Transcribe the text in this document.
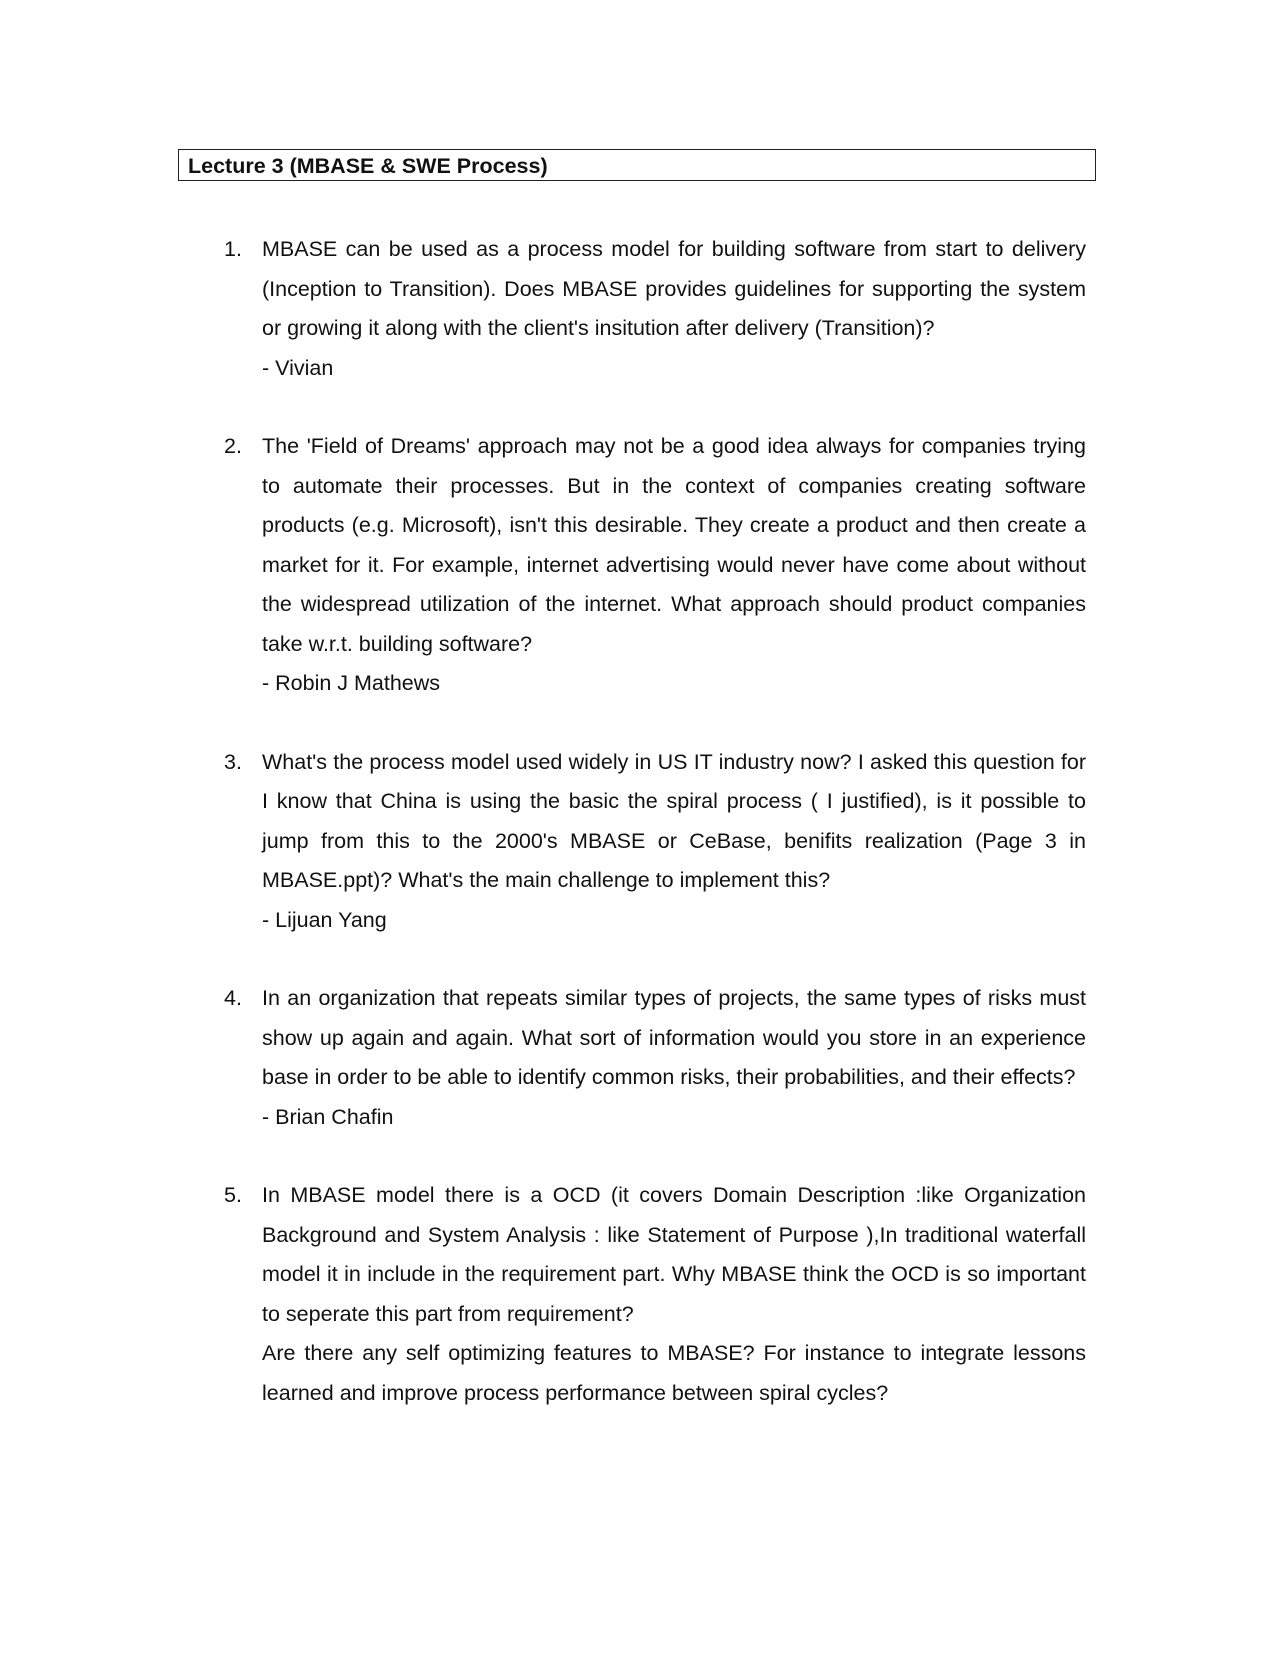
Lecture 3 (MBASE & SWE Process)
1. MBASE can be used as a process model for building software from start to delivery (Inception to Transition). Does MBASE provides guidelines for supporting the system or growing it along with the client's insitution after delivery (Transition)?

- Vivian

2. The 'Field of Dreams' approach may not be a good idea always for companies trying to automate their processes. But in the context of companies creating software products (e.g. Microsoft), isn't this desirable. They create a product and then create a market for it. For example, internet advertising would never have come about without the widespread utilization of the internet. What approach should product companies take w.r.t. building software?

- Robin J Mathews

3. What's the process model used widely in US IT industry now? I asked this question for I know that China is using the basic the spiral process ( I justified), is it possible to jump from this to the 2000's MBASE or CeBase, benifits realization (Page 3 in MBASE.ppt)? What's the main challenge to implement this?

- Lijuan Yang

4. In an organization that repeats similar types of projects, the same types of risks must show up again and again. What sort of information would you store in an experience base in order to be able to identify common risks, their probabilities, and their effects?

- Brian Chafin

5. In MBASE model there is a OCD (it covers Domain Description :like Organization Background and System Analysis : like Statement of Purpose ),In traditional waterfall model it in include in the requirement part. Why MBASE think the OCD is so important to seperate this part from requirement?

Are there any self optimizing features to MBASE? For instance to integrate lessons learned and improve process performance between spiral cycles?
